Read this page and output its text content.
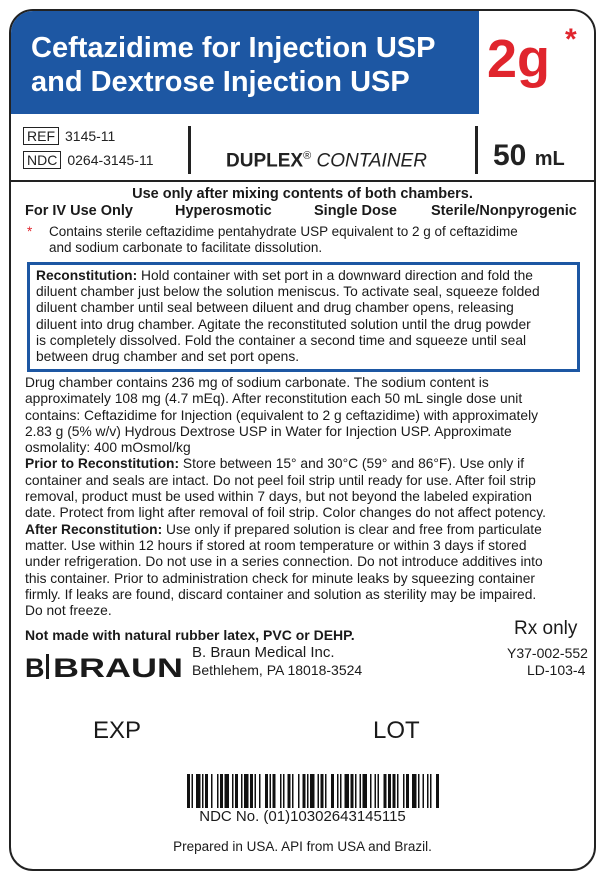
Ceftazidime for Injection USP
and Dextrose Injection USP	2g *
REF 3145-11
NDC 0264-3145-11	DUPLEX® CONTAINER 50 mL
Use only after mixing contents of both chambers.
For IV Use Only	Hyperosmotic	Single Dose Sterile/Nonpyrogenic
* Contains sterile ceftazidime pentahydrate USP equivalent to 2 g of ceftazidime
and sodium carbonate to facilitate dissolution.
Reconstitution: Hold container with set port in a downward direction and fold the
diluent chamber just below the solution meniscus. To activate seal, squeeze folded
diluent chamber until seal between diluent and drug chamber opens, releasing
diluent into drug chamber. Agitate the reconstituted solution until the drug powder
is completely dissolved. Fold the container a second time and squeeze until seal
between drug chamber and set port opens.

Drug chamber contains 236 mg of sodium carbonate. The sodium content is

approximately 108 mg (4.7 mEq). After reconstitution each 50 mL single dose unit

contains: Ceftazidime for Injection (equivalent to 2 g ceftazidime) with approximately

2.83 g (5% w/v) Hydrous Dextrose USP in Water for Injection USP. Approximate

osmolality: 400 mOsmol/kg

Prior to Reconstitution: Store between 15° and 30°C (59° and 86°F). Use only if

container and seals are intact. Do not peel foil strip until ready for use. After foil strip

removal, product must be used within 7 days, but not beyond the labeled expiration

date. Protect from light after removal of foil strip. Color changes do not affect potency.

After Reconstitution: Use only if prepared solution is clear and free from particulate

matter. Use within 12 hours if stored at room temperature or within 3 days if stored

under refrigeration. Do not use in a series connection. Do not introduce additives into

this container. Prior to administration check for minute leaks by squeezing container

firmly. If leaks are found, discard container and solution as sterility may be impaired.

Do not freeze.

Not made with natural rubber latex, PVC or DEHP.	Rx only
B BRAUN
B. Braun Medical Inc.
Bethlehem, PA 18018-3524
Y37-002-552
LD-103-4
EXP	LOT
NDC No. (01)10302643145115
Prepared in USA. API from USA and Brazil.
